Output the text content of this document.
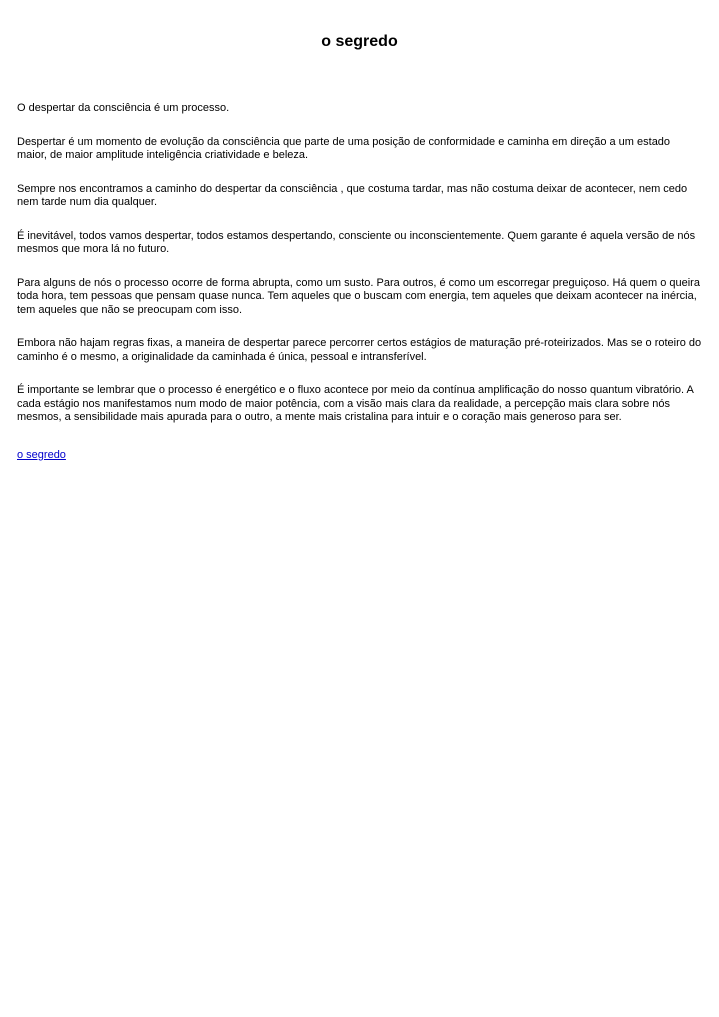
o segredo

O despertar da consciência é um processo.

Despertar é um momento de evolução da consciência que parte de uma posição de conformidade e caminha em direção a um estado maior, de maior amplitude inteligência criatividade e beleza.

Sempre nos encontramos a caminho do despertar da consciência , que costuma tardar, mas não costuma deixar de acontecer, nem cedo nem tarde num dia qualquer.

É inevitável, todos vamos despertar, todos estamos despertando, consciente ou inconscientemente. Quem garante é aquela versão de nós mesmos que mora lá no futuro.

Para alguns de nós o processo ocorre de forma abrupta, como um susto. Para outros, é como um escorregar preguiçoso. Há quem o queira toda hora, tem pessoas que pensam quase nunca. Tem aqueles que o buscam com energia, tem aqueles que deixam acontecer na inércia, tem aqueles que não se preocupam com isso.

Embora não hajam regras fixas, a maneira de despertar parece percorrer certos estágios de maturação pré-roteirizados. Mas se o roteiro do caminho é o mesmo, a originalidade da caminhada é única, pessoal e intransferível.

É importante se lembrar que o processo é energético e o fluxo acontece por meio da contínua amplificação do nosso quantum vibratório. A cada estágio nos manifestamos num modo de maior potência, com a visão mais clara da realidade, a percepção mais clara sobre nós mesmos, a sensibilidade mais apurada para o outro, a mente mais cristalina para intuir e o coração mais generoso para ser.

o segredo
